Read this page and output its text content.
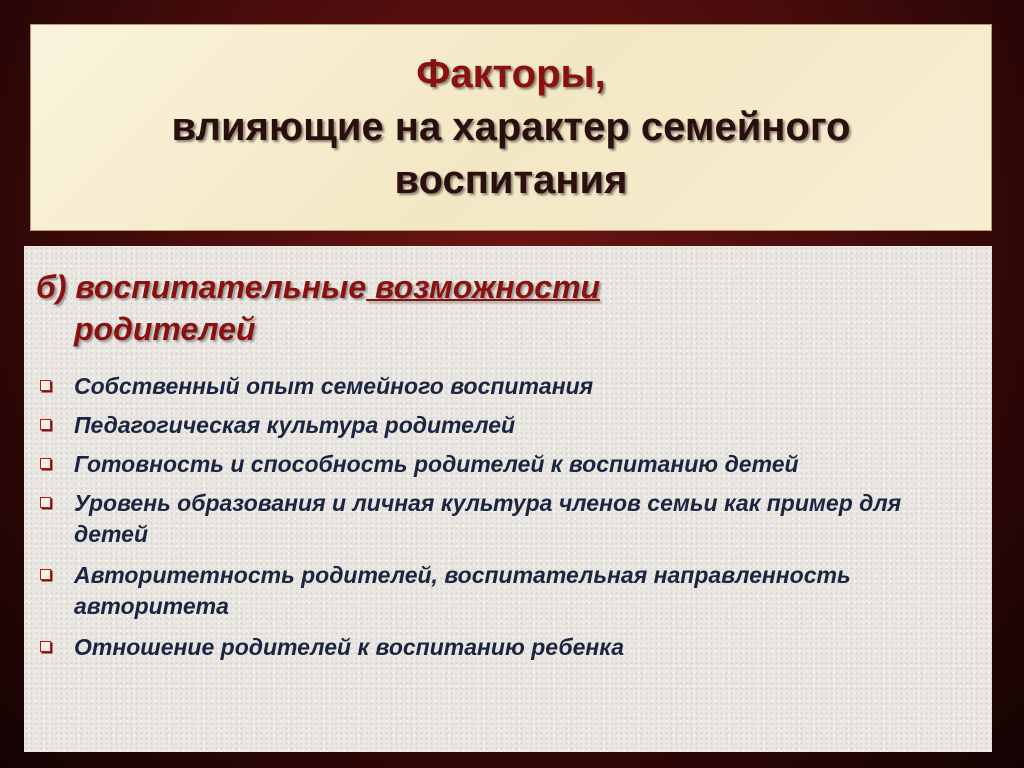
Факторы,
влияющие на характер семейного
воспитания
б) воспитательные возможности
родителей
Собственный опыт семейного воспитания
Педагогическая культура родителей
Готовность и способность родителей к воспитанию детей
Уровень образования и личная культура членов семьи как пример для детей
Авторитетность родителей, воспитательная направленность авторитета
Отношение родителей к воспитанию ребенка
